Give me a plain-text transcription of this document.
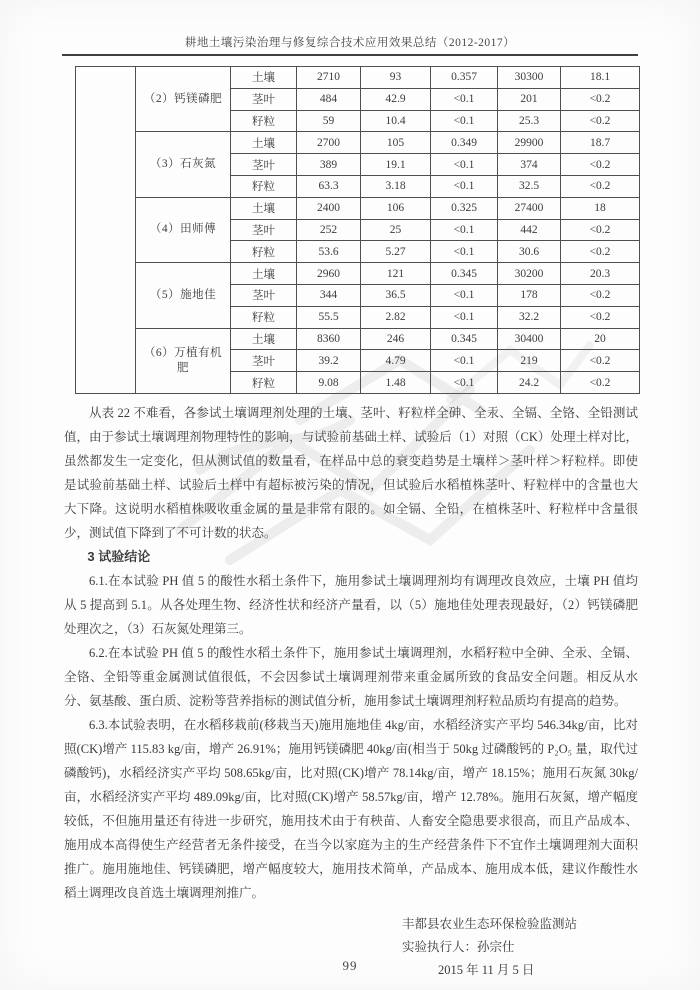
耕地土壤污染治理与修复综合技术应用效果总结（2012-2017）
	（2）钙镁磷肥	土壤	2710	93	0.357	30300	18.1
		茎叶	484	42.9	<0.1	201	<0.2
		籽粒	59	10.4	<0.1	25.3	<0.2
	（3）石灰氮	土壤	2700	105	0.349	29900	18.7
		茎叶	389	19.1	<0.1	374	<0.2
		籽粒	63.3	3.18	<0.1	32.5	<0.2
	（4）田师傅	土壤	2400	106	0.325	27400	18
		茎叶	252	25	<0.1	442	<0.2
		籽粒	53.6	5.27	<0.1	30.6	<0.2
	（5）施地佳	土壤	2960	121	0.345	30200	20.3
		茎叶	344	36.5	<0.1	178	<0.2
		籽粒	55.5	2.82	<0.1	32.2	<0.2
	（6）万植有机肥	土壤	8360	246	0.345	30400	20
		茎叶	39.2	4.79	<0.1	219	<0.2
		籽粒	9.08	1.48	<0.1	24.2	<0.2

从表 22 不难看，各参试土壤调理剂处理的土壤、茎叶、籽粒样全砷、全汞、全镉、全铬、全铅测试值，由于参试土壤调理剂物理特性的影响，与试验前基础土样、试验后（1）对照（CK）处理土样对比，虽然都发生一定变化，但从测试值的数量看，在样品中总的衰变趋势是土壤样＞茎叶样＞籽粒样。即使是试验前基础土样、试验后土样中有超标被污染的情况，但试验后水稻植株茎叶、籽粒样中的含量也大大下降。这说明水稻植株吸收重金属的量是非常有限的。如全镉、全铅，在植株茎叶、籽粒样中含量很少，测试值下降到了不可计数的状态。

3 试验结论

6.1.在本试验 PH 值 5 的酸性水稻土条件下，施用参试土壤调理剂均有调理改良效应，土壤 PH 值均从 5 提高到 5.1。从各处理生物、经济性状和经济产量看，以（5）施地佳处理表现最好，（2）钙镁磷肥处理次之，（3）石灰氮处理第三。

6.2.在本试验 PH 值 5 的酸性水稻土条件下，施用参试土壤调理剂，水稻籽粒中全砷、全汞、全镉、全铬、全铅等重金属测试值很低，不会因参试土壤调理剂带来重金属所致的食品安全问题。相反从水分、氨基酸、蛋白质、淀粉等营养指标的测试值分析，施用参试土壤调理剂籽粒品质均有提高的趋势。

6.3.本试验表明，在水稻移栽前(移栽当天)施用施地佳 4kg/亩，水稻经济实产平均 546.34kg/亩，比对照(CK)增产 115.83 kg/亩，增产 26.91%；施用钙镁磷肥 40kg/亩(相当于 50kg 过磷酸钙的 P₂O₅ 量，取代过磷酸钙)，水稻经济实产平均 508.65kg/亩，比对照(CK)增产 78.14kg/亩，增产 18.15%；施用石灰氮 30kg/亩，水稻经济实产平均 489.09kg/亩，比对照(CK)增产 58.57kg/亩，增产 12.78%。施用石灰氮，增产幅度较低，不但施用量还有待进一步研究，施用技术由于有秧苗、人畜安全隐患要求很高，而且产品成本、施用成本高得使生产经营者无条件接受，在当今以家庭为主的生产经营条件下不宜作土壤调理剂大面积推广。施用施地佳、钙镁磷肥，增产幅度较大，施用技术简单，产品成本、施用成本低，建议作酸性水稻土调理改良首选土壤调理剂推广。

丰都县农业生态环保检验监测站
实验执行人：孙宗仕
2015 年 11 月 5 日
99
